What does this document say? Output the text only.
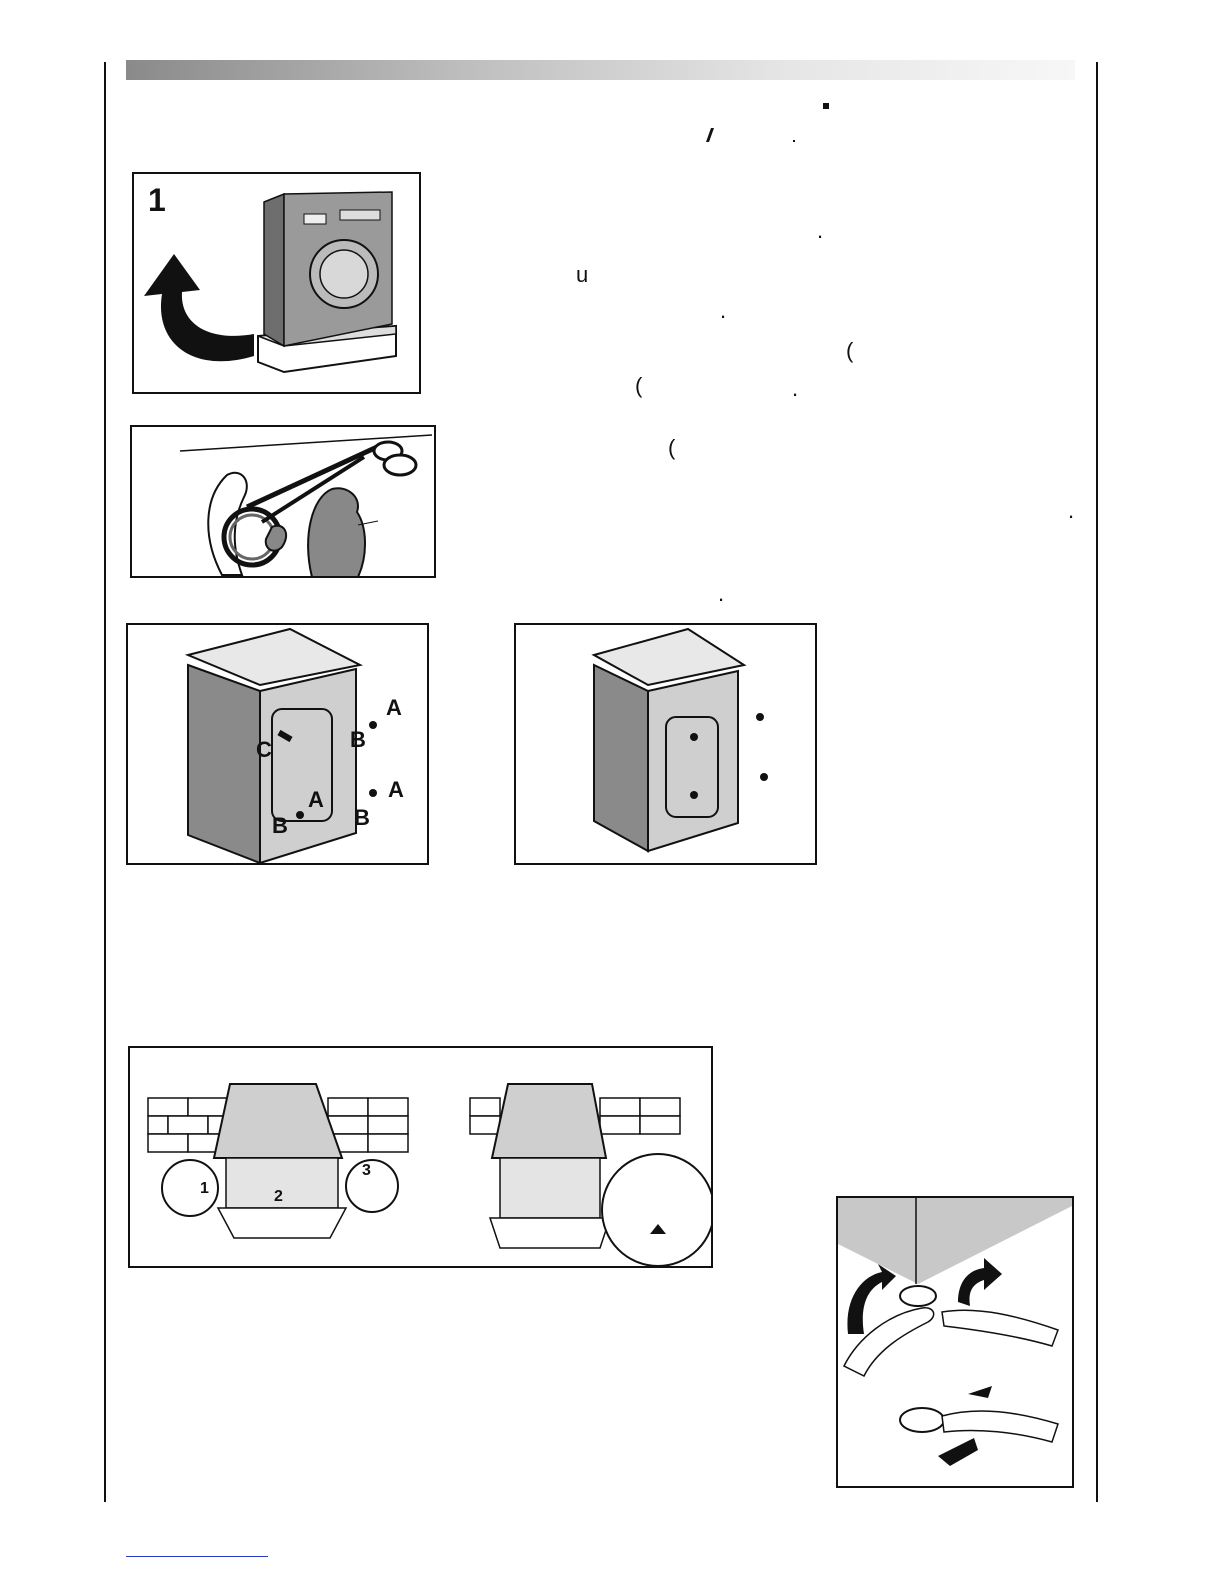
.
u
.
(
(	.
(
.
.
1
A
B
C
A	A
B	B
1	2
3
